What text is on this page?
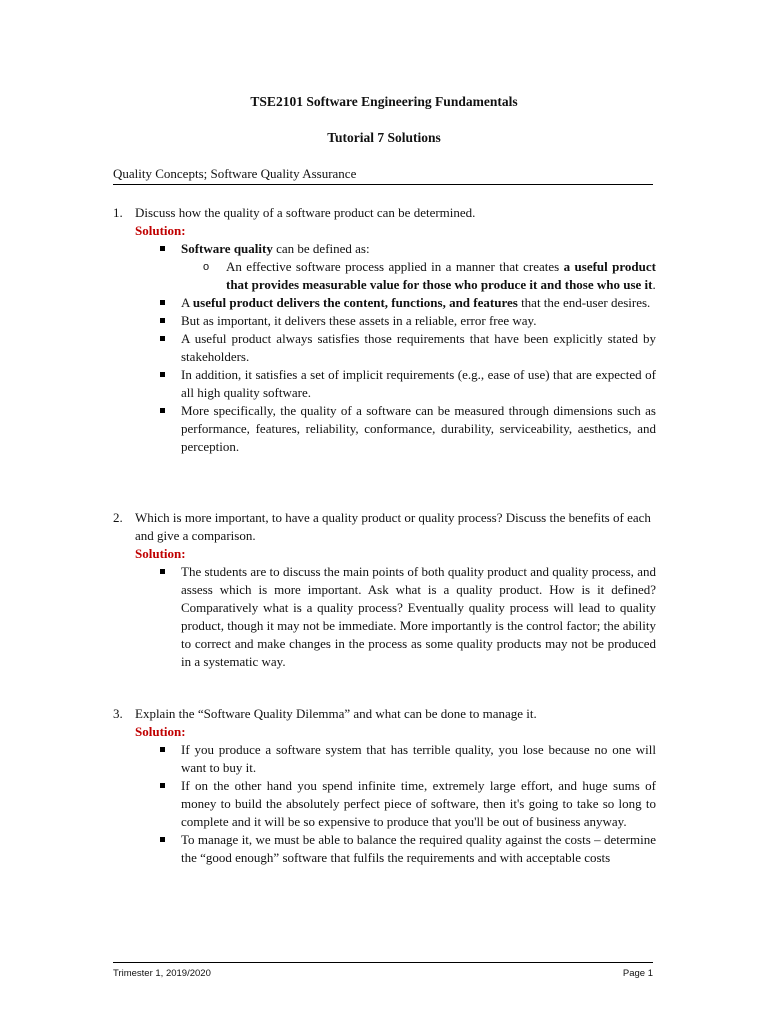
TSE2101 Software Engineering Fundamentals
Tutorial 7 Solutions
Quality Concepts; Software Quality Assurance
1. Discuss how the quality of a software product can be determined.
Solution:
Software quality can be defined as:
o An effective software process applied in a manner that creates a useful product that provides measurable value for those who produce it and those who use it.
A useful product delivers the content, functions, and features that the end-user desires.
But as important, it delivers these assets in a reliable, error free way.
A useful product always satisfies those requirements that have been explicitly stated by stakeholders.
In addition, it satisfies a set of implicit requirements (e.g., ease of use) that are expected of all high quality software.
More specifically, the quality of a software can be measured through dimensions such as performance, features, reliability, conformance, durability, serviceability, aesthetics, and perception.
2. Which is more important, to have a quality product or quality process? Discuss the benefits of each and give a comparison.
Solution:
The students are to discuss the main points of both quality product and quality process, and assess which is more important. Ask what is a quality product. How is it defined? Comparatively what is a quality process? Eventually quality process will lead to quality product, though it may not be immediate. More importantly is the control factor; the ability to correct and make changes in the process as some quality products may not be produced in a systematic way.
3. Explain the “Software Quality Dilemma” and what can be done to manage it.
Solution:
If you produce a software system that has terrible quality, you lose because no one will want to buy it.
If on the other hand you spend infinite time, extremely large effort, and huge sums of money to build the absolutely perfect piece of software, then it's going to take so long to complete and it will be so expensive to produce that you'll be out of business anyway.
To manage it, we must be able to balance the required quality against the costs – determine the “good enough” software that fulfils the requirements and with acceptable costs
Trimester 1, 2019/2020	Page 1
